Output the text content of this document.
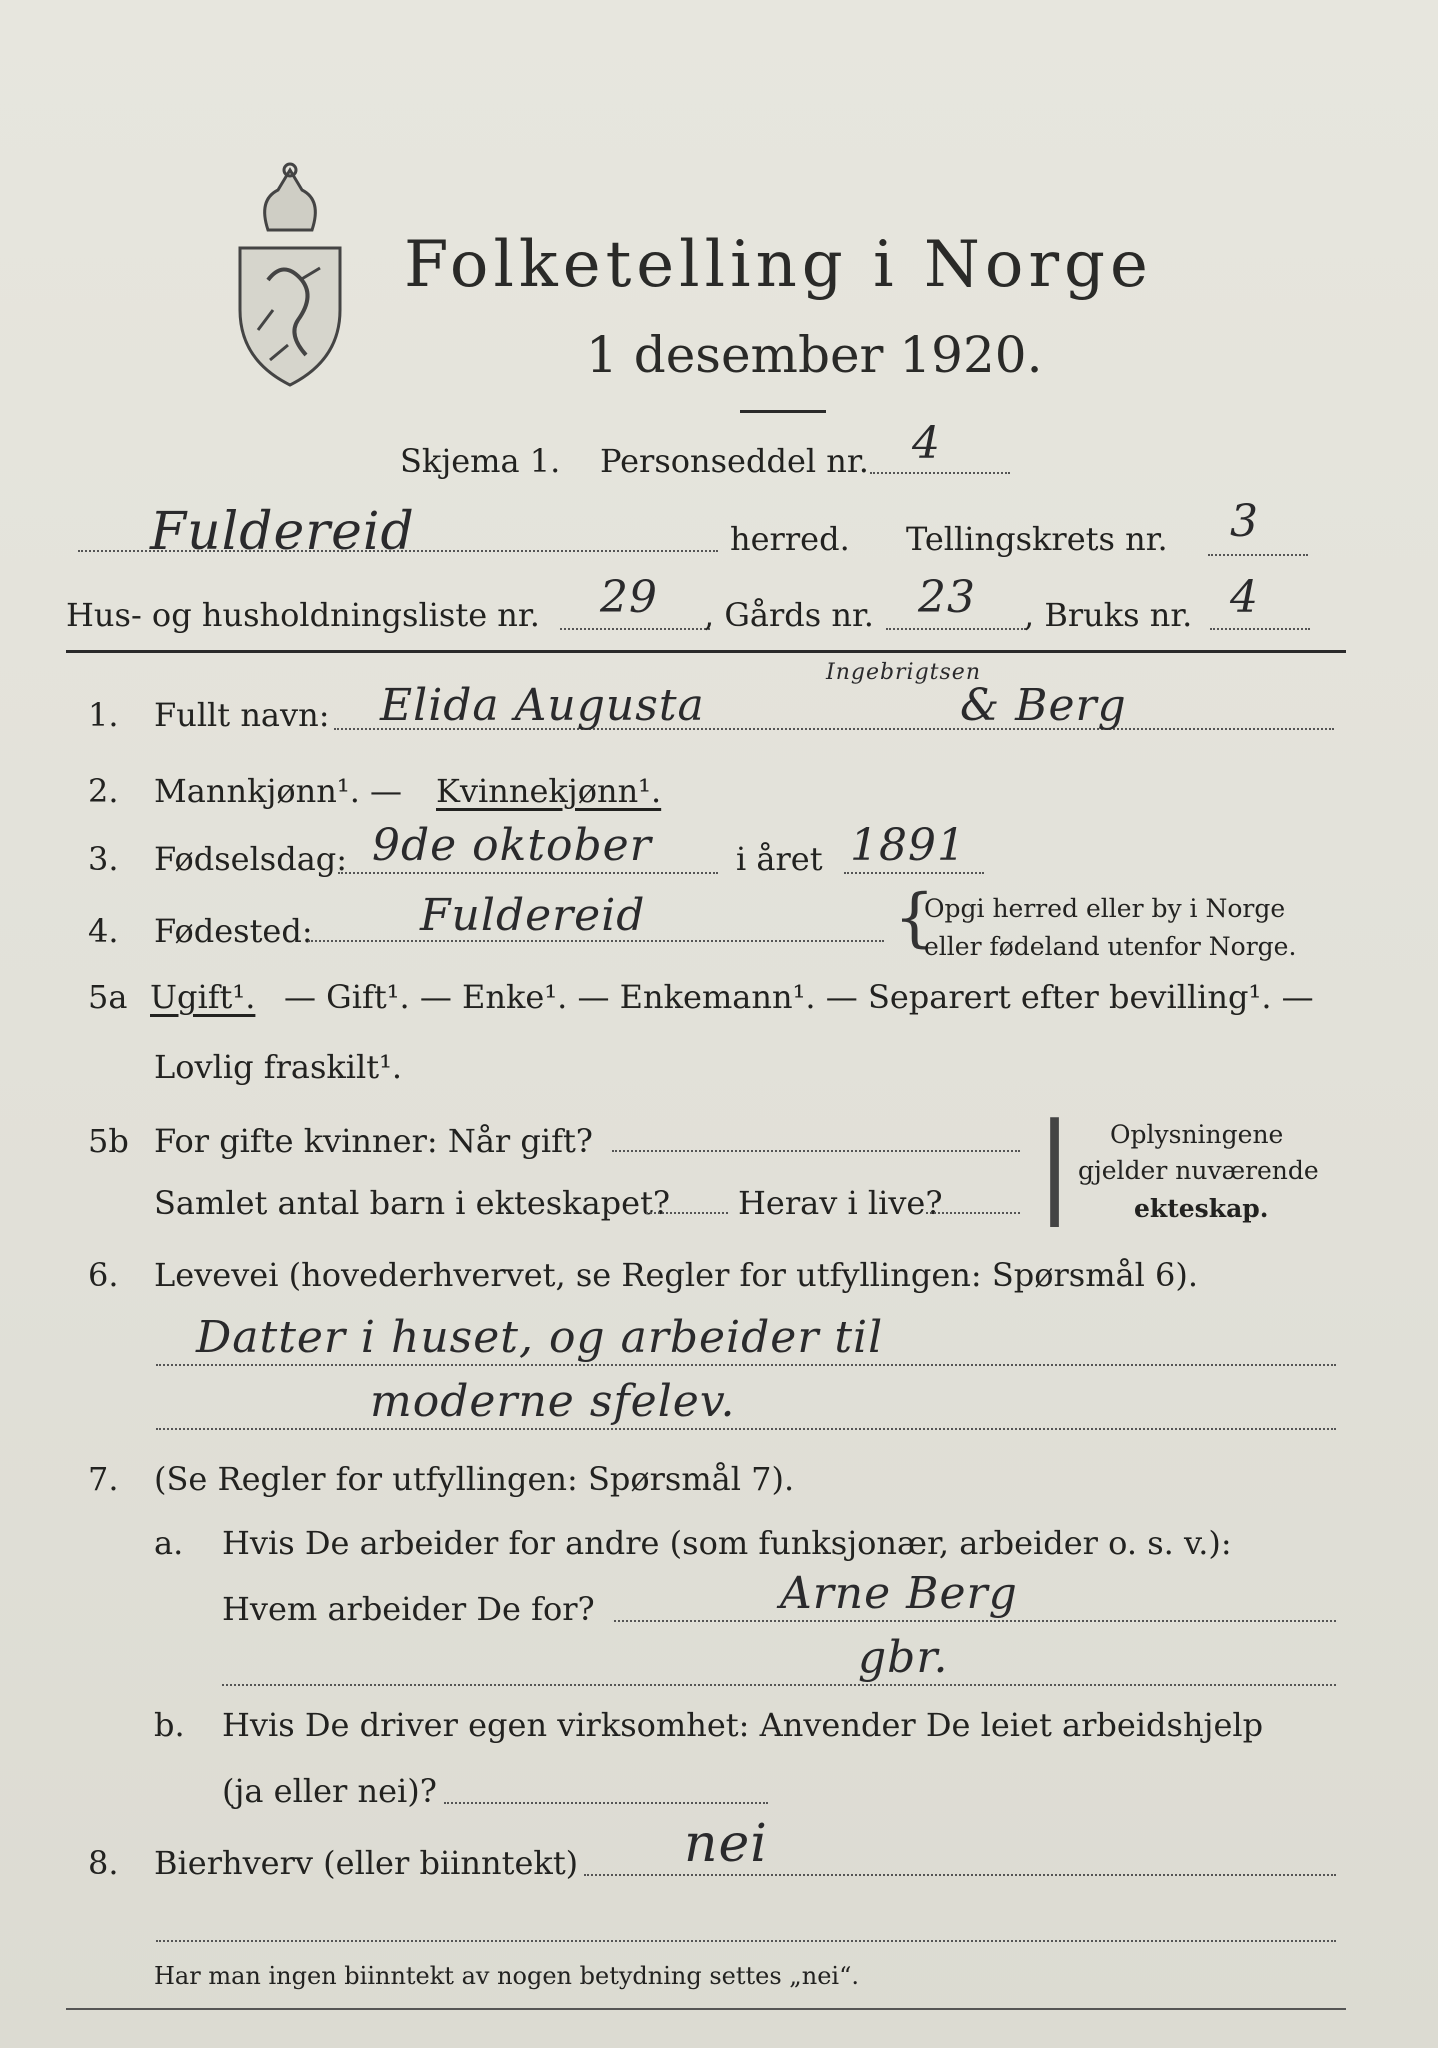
Folketelling i Norge
1 desember 1920.
Skjema 1. Personseddel nr. 4
Fuldereid	herred. Tellingskrets nr. 3
Hus- og husholdningsliste nr. 29 , Gårds nr. 23 , Bruks nr. 4
1. Fullt navn: Elida Augusta
Ingebrigtsen
& Berg
2. Mannkjønn¹. — Kvinnekjønn¹.
3. Fødselsdag: 9de oktober	i året 1891
4. Fødested: Fuldereid	{
Opgi herred eller by i Norge
eller fødeland utenfor Norge.
5a Ugift¹. — Gift¹. — Enke¹. — Enkemann¹. — Separert efter bevilling¹. —
Lovlig fraskilt¹.
5b For gifte kvinner: Når gift?
Samlet antal barn i ekteskapet? Herav i live? | Oplysningene
gjelder nuværende
ekteskap.
6. Levevei (hovederhvervet, se Regler for utfyllingen: Spørsmål 6).
Datter i huset, og arbeider til
moderne sfelev.
7. (Se Regler for utfyllingen: Spørsmål 7).
a. Hvis De arbeider for andre (som funksjonær, arbeider o. s. v.):
Hvem arbeider De for?	Arne Berg
gbr.
b. Hvis De driver egen virksomhet: Anvender De leiet arbeidshjelp
(ja eller nei)?
8. Bierhverv (eller biinntekt) nei
Har man ingen biinntekt av nogen betydning settes „nei“.
